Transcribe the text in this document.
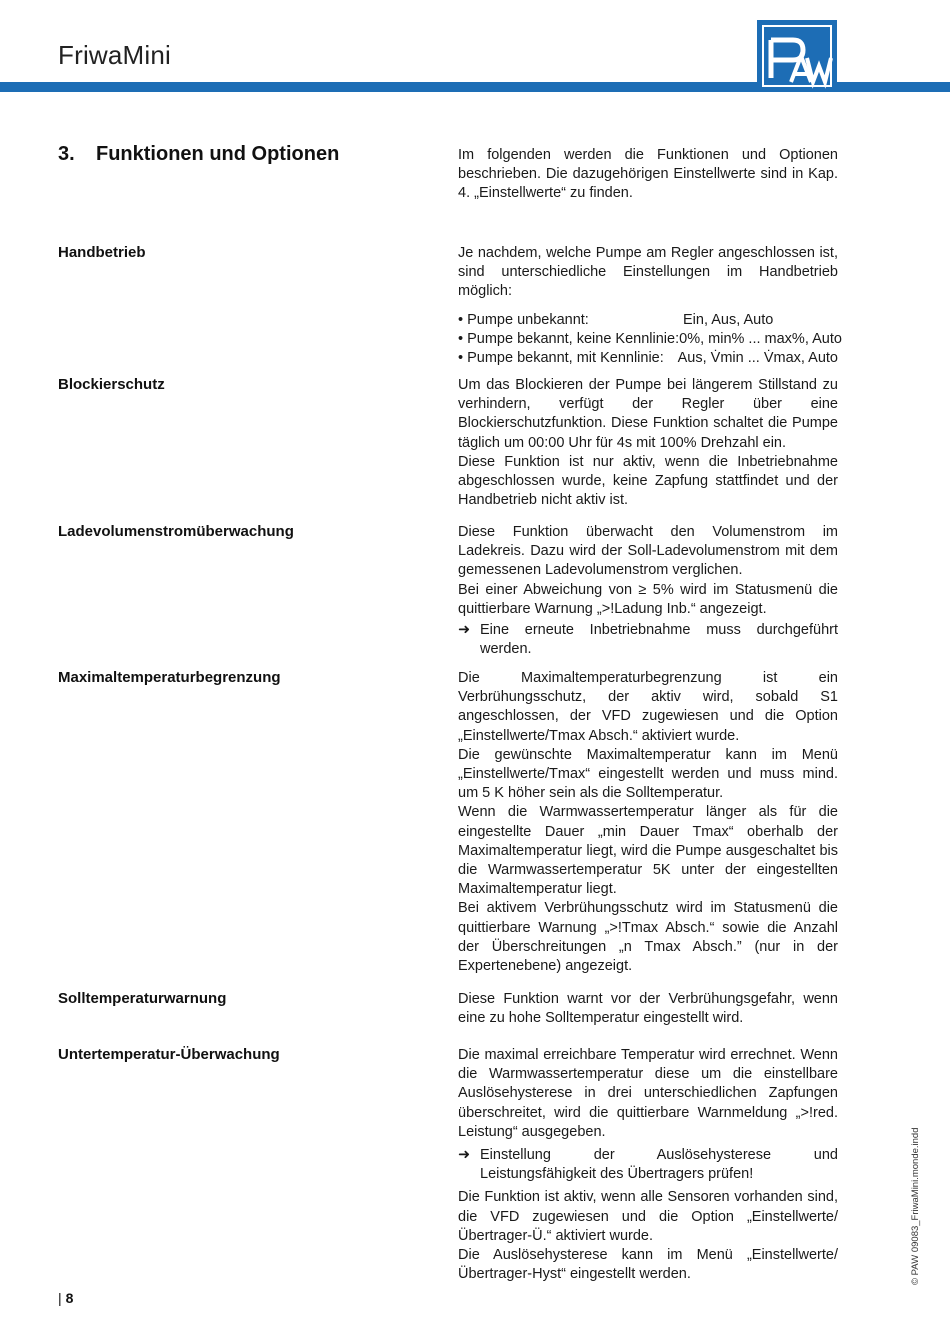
FriwaMini
3. Funktionen und Optionen	Im folgenden werden die Funktionen und Optionen beschrieben. Die dazugehörigen Einstellwerte sind in Kap. 4. „Einstellwerte“ zu finden.

Handbetrieb	Je nachdem, welche Pumpe am Regler angeschlossen ist, sind unterschiedliche Einstellungen im Handbetrieb möglich:

• Pumpe unbekannt:	Ein, Aus, Auto
• Pumpe bekannt, keine Kennlinie: 0%, min% ... max%, Auto
• Pumpe bekannt, mit Kennlinie: Aus, V̇min ... V̇max, Auto
Blockierschutz	Um das Blockieren der Pumpe bei längerem Stillstand zu verhindern, verfügt der Regler über eine Blockierschutzfunktion. Diese Funktion schaltet die Pumpe täglich um 00:00 Uhr für 4s mit 100% Drehzahl ein.

Diese Funktion ist nur aktiv, wenn die Inbetriebnahme abgeschlossen wurde, keine Zapfung stattfindet und der Handbetrieb nicht aktiv ist.

Ladevolumenstromüberwachung	Diese Funktion überwacht den Volumenstrom im Ladekreis. Dazu wird der Soll-Ladevolumenstrom mit dem gemessenen Ladevolumenstrom verglichen.

Bei einer Abweichung von ≥ 5% wird im Statusmenü die quittierbare Warnung „>!Ladung Inb.“ angezeigt.

➜ Eine erneute Inbetriebnahme muss durchgeführt werden.

Maximaltemperaturbegrenzung	Die Maximaltemperaturbegrenzung ist ein Verbrühungsschutz, der aktiv wird, sobald S1 angeschlossen, der VFD zugewiesen und die Option „Einstellwerte/Tmax Absch.“ aktiviert wurde.

Die gewünschte Maximaltemperatur kann im Menü „Einstellwerte/Tmax“ eingestellt werden und muss mind. um 5 K höher sein als die Solltemperatur.

Wenn die Warmwassertemperatur länger als für die eingestellte Dauer „min Dauer Tmax“ oberhalb der Maximaltemperatur liegt, wird die Pumpe ausgeschaltet bis die Warmwassertemperatur 5K unter der eingestellten Maximaltemperatur liegt.

Bei aktivem Verbrühungsschutz wird im Statusmenü die quittierbare Warnung „>!Tmax Absch.“ sowie die Anzahl der Überschreitungen „n Tmax Absch.” (nur in der Expertenebene) angezeigt.

Solltemperaturwarnung	Diese Funktion warnt vor der Verbrühungsgefahr, wenn eine zu hohe Solltemperatur eingestellt wird.

Untertemperatur-Überwachung	Die maximal erreichbare Temperatur wird errechnet. Wenn die Warmwassertemperatur diese um die einstellbare Auslösehysterese in drei unterschiedlichen Zapfungen überschreitet, wird die quittierbare Warnmeldung „>!red. Leistung“ ausgegeben.

➜ Einstellung der Auslösehysterese und Leistungsfähigkeit des Übertragers prüfen!

Die Funktion ist aktiv, wenn alle Sensoren vorhanden sind, die VFD zugewiesen und die Option „Einstellwerte/ Übertrager-Ü.“ aktiviert wurde.

Die Auslösehysterese kann im Menü „Einstellwerte/Übertrager-Hyst“ eingestellt werden.

| 8
© PAW 09083_FriwaMini.monde.indd
